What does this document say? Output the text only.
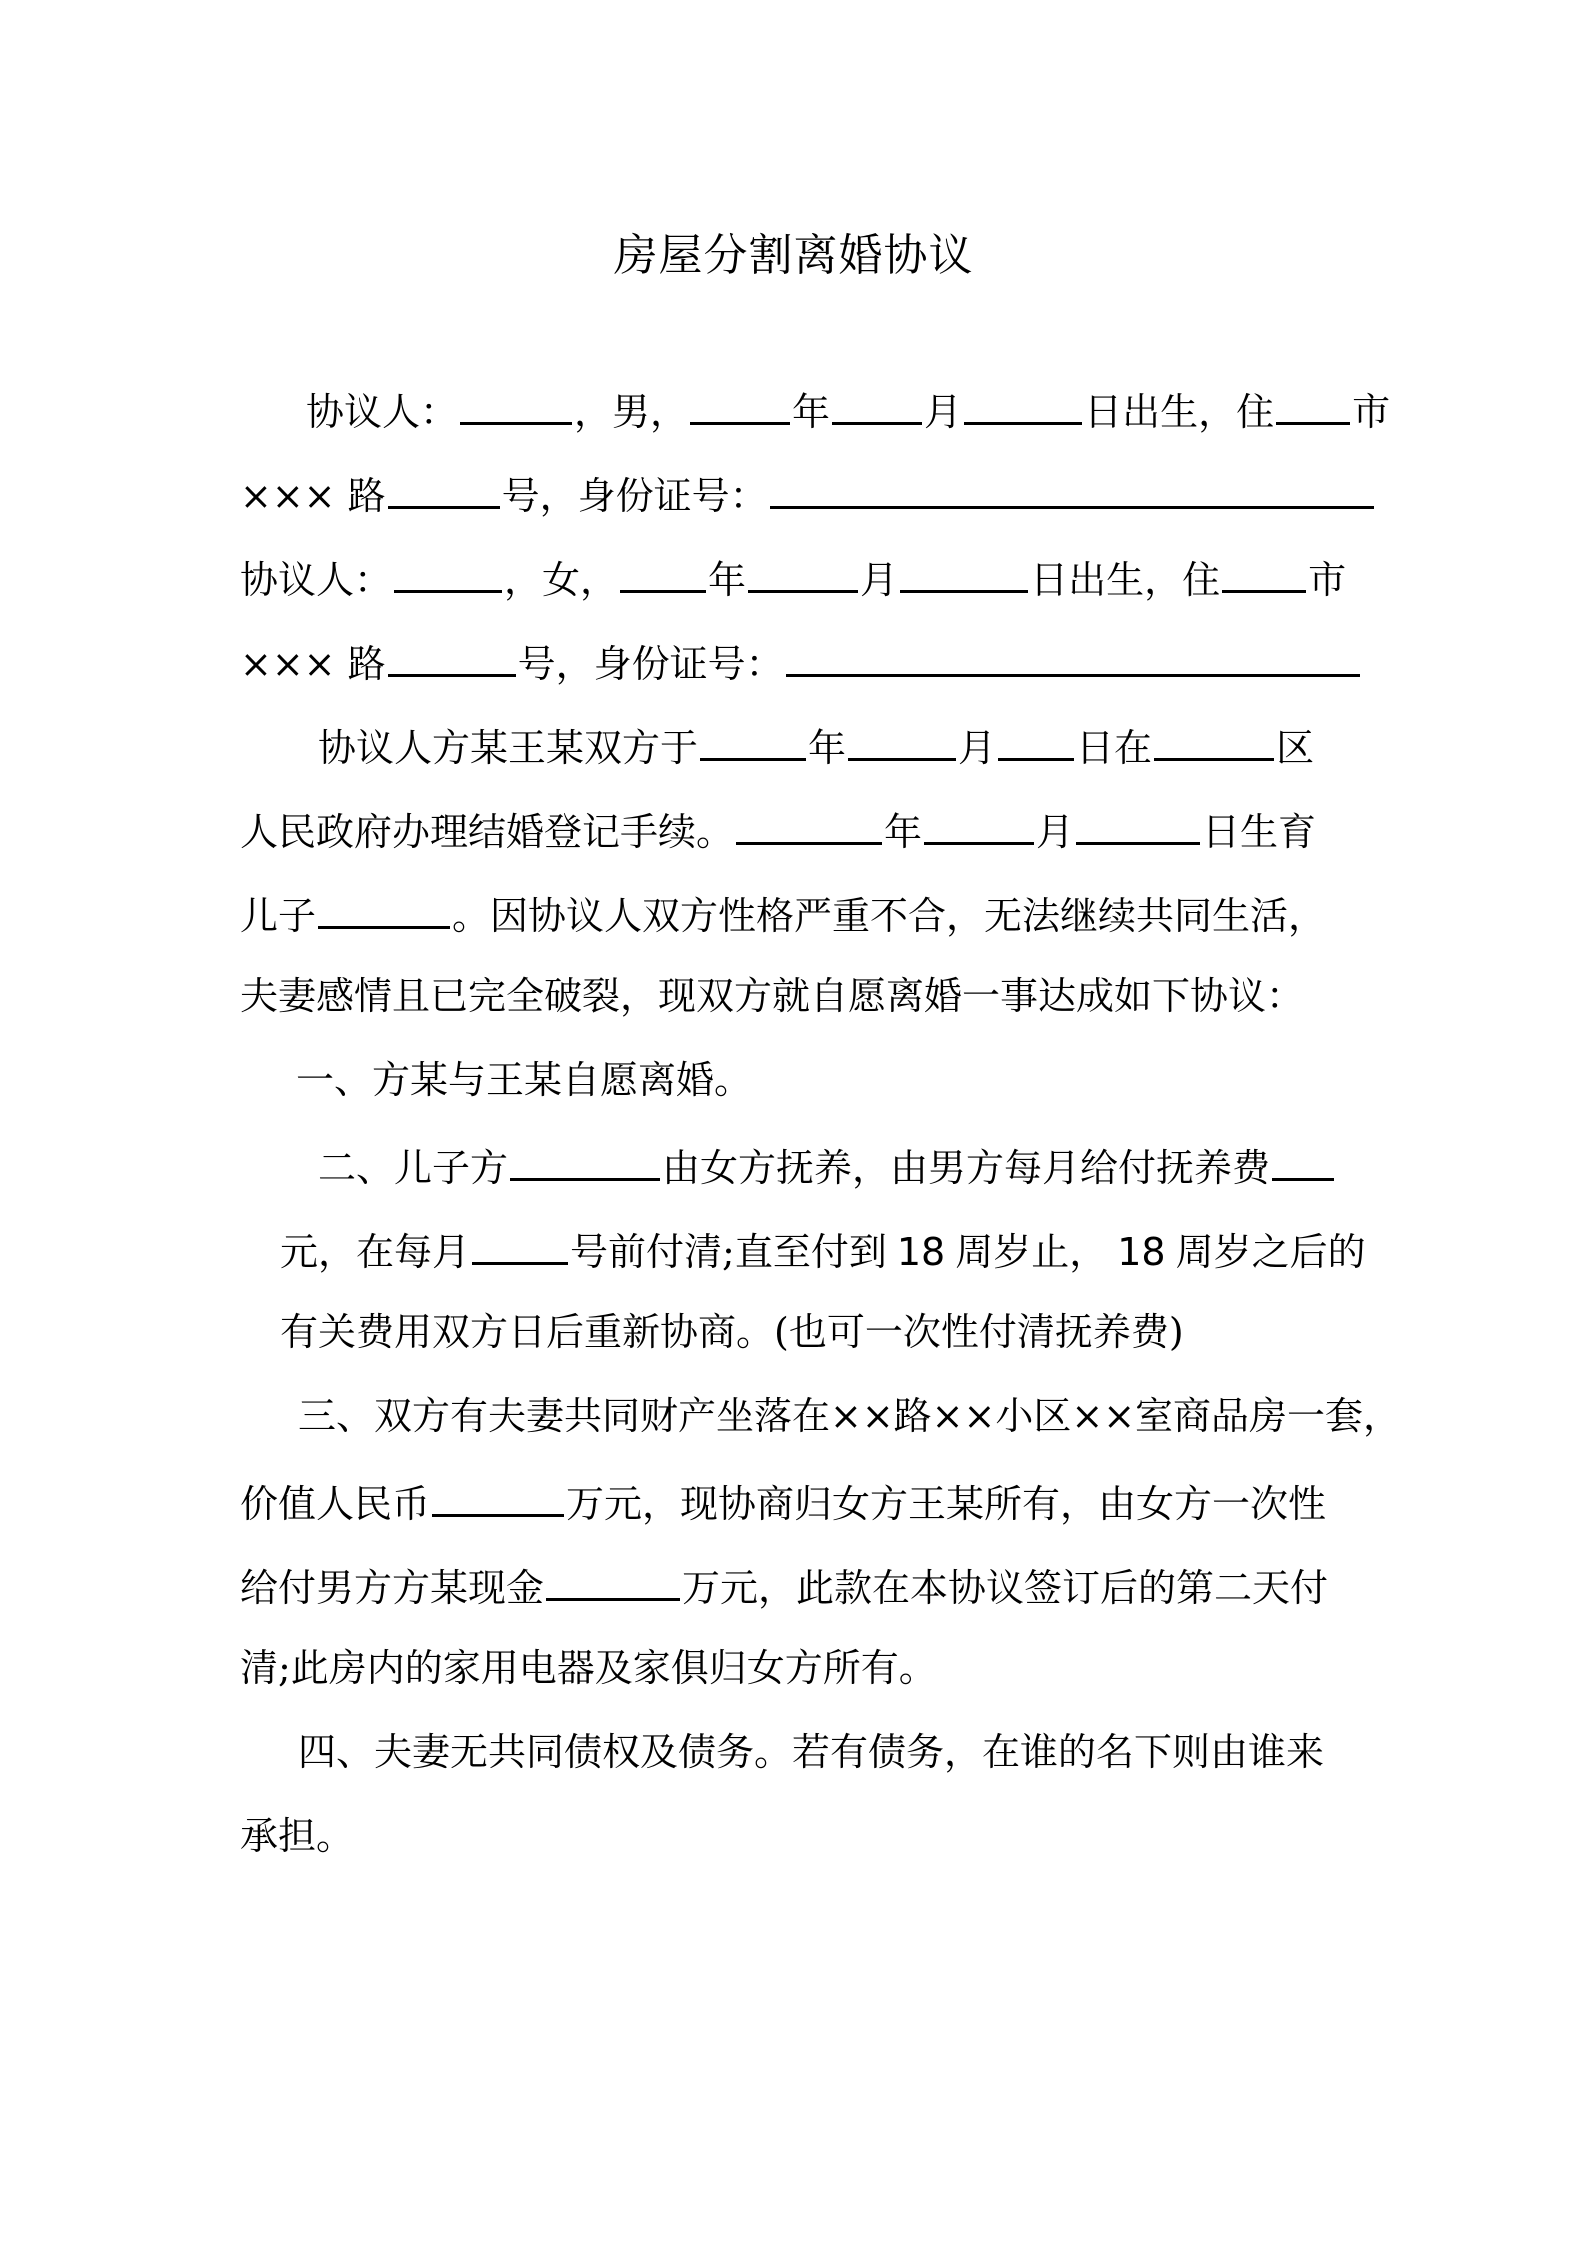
房屋分割离婚协议
协议人：	，男，	年 月	日出生，住 市
××× 路	号，身份证号：
协议人：	，女， 年	月	日出生，住 市
××× 路	号，身份证号：
协议人方某王某双方于	年	月 日在	区
人民政府办理结婚登记手续。	年	月	日生育
儿子	。因协议人双方性格严重不合，无法继续共同生活，
夫妻感情且已完全破裂，现双方就自愿离婚一事达成如下协议：
一、方某与王某自愿离婚。
二、儿子方	由女方抚养，由男方每月给付抚养费
元，在每月	号前付清;直至付到 18 周岁止， 18 周岁之后的
有关费用双方日后重新协商。(也可一次性付清抚养费)
三、双方有夫妻共同财产坐落在××路××小区××室商品房一套，
价值人民币	万元，现协商归女方王某所有，由女方一次性
给付男方方某现金	万元，此款在本协议签订后的第二天付
清;此房内的家用电器及家俱归女方所有。
四、夫妻无共同债权及债务。若有债务，在谁的名下则由谁来
承担。
